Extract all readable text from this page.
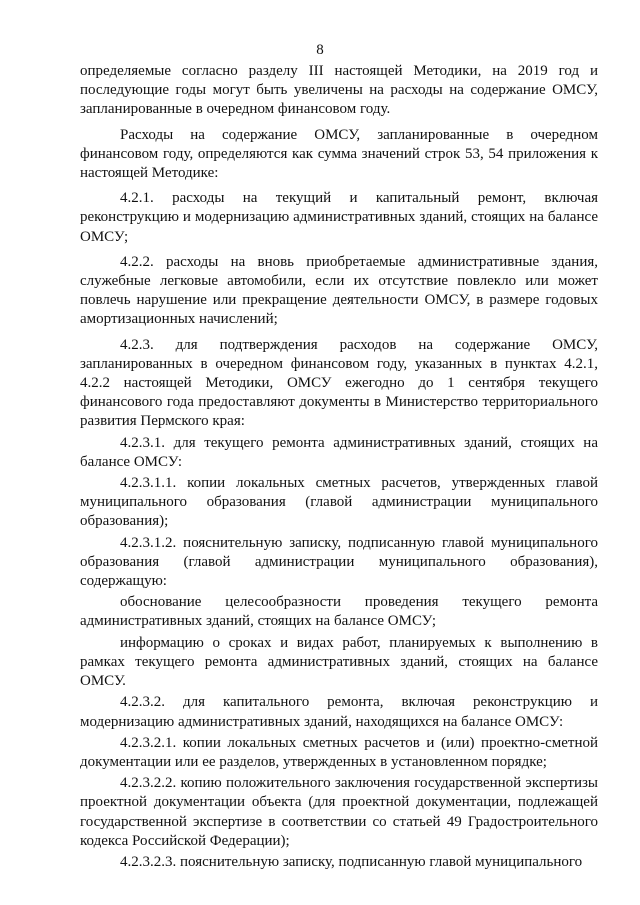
8

определяемые согласно разделу III настоящей Методики, на 2019 год и последующие годы могут быть увеличены на расходы на содержание ОМСУ, запланированные в очередном финансовом году.

Расходы на содержание ОМСУ, запланированные в очередном финансовом году, определяются как сумма значений строк 53, 54 приложения к настоящей Методике:

4.2.1. расходы на текущий и капитальный ремонт, включая реконструкцию и модернизацию административных зданий, стоящих на балансе ОМСУ;

4.2.2. расходы на вновь приобретаемые административные здания, служебные легковые автомобили, если их отсутствие повлекло или может повлечь нарушение или прекращение деятельности ОМСУ, в размере годовых амортизационных начислений;

4.2.3. для подтверждения расходов на содержание ОМСУ, запланированных в очередном финансовом году, указанных в пунктах 4.2.1, 4.2.2 настоящей Методики, ОМСУ ежегодно до 1 сентября текущего финансового года предоставляют документы в Министерство территориального развития Пермского края:

4.2.3.1. для текущего ремонта административных зданий, стоящих на балансе ОМСУ:

4.2.3.1.1. копии локальных сметных расчетов, утвержденных главой муниципального образования (главой администрации муниципального образования);

4.2.3.1.2. пояснительную записку, подписанную главой муниципального образования (главой администрации муниципального образования), содержащую:

обоснование целесообразности проведения текущего ремонта административных зданий, стоящих на балансе ОМСУ;

информацию о сроках и видах работ, планируемых к выполнению в рамках текущего ремонта административных зданий, стоящих на балансе ОМСУ.

4.2.3.2. для капитального ремонта, включая реконструкцию и модернизацию административных зданий, находящихся на балансе ОМСУ:

4.2.3.2.1. копии локальных сметных расчетов и (или) проектно-сметной документации или ее разделов, утвержденных в установленном порядке;

4.2.3.2.2. копию положительного заключения государственной экспертизы проектной документации объекта (для проектной документации, подлежащей государственной экспертизе в соответствии со статьей 49 Градостроительного кодекса Российской Федерации);

4.2.3.2.3. пояснительную записку, подписанную главой муниципального
